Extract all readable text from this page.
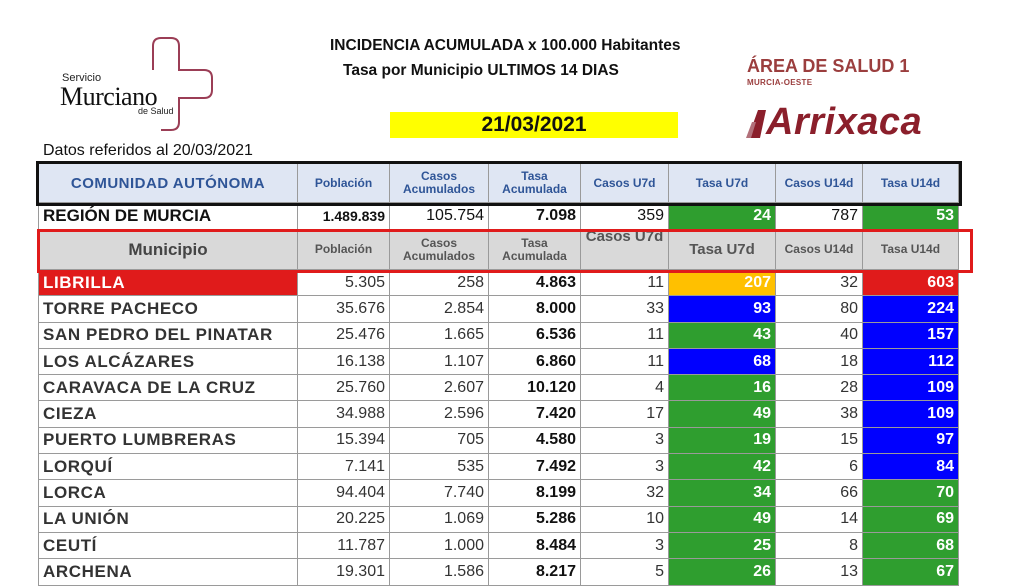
Servicio
Murciano
de Salud
INCIDENCIA ACUMULADA x 100.000 Habitantes
Tasa por Municipio ULTIMOS 14 DIAS
21/03/2021
ÁREA DE SALUD 1
MURCIA-OESTE
Arrixaca
Datos referidos al 20/03/2021
COMUNIDAD AUTÓNOMA	Población	Casos Acumulados	Tasa Acumulada	Casos U7d	Tasa U7d	Casos U14d	Tasa U14d
REGIÓN DE MURCIA	1.489.839	105.754	7.098	359	24	787	53
Municipio	Población	Casos Acumulados	Tasa Acumulada	Casos U7d	Tasa U7d	Casos U14d	Tasa U14d
LIBRILLA	5.305	258	4.863	11	207	32	603
TORRE PACHECO	35.676	2.854	8.000	33	93	80	224
SAN PEDRO DEL PINATAR	25.476	1.665	6.536	11	43	40	157
LOS ALCÁZARES	16.138	1.107	6.860	11	68	18	112
CARAVACA DE LA CRUZ	25.760	2.607	10.120	4	16	28	109
CIEZA	34.988	2.596	7.420	17	49	38	109
PUERTO LUMBRERAS	15.394	705	4.580	3	19	15	97
LORQUÍ	7.141	535	7.492	3	42	6	84
LORCA	94.404	7.740	8.199	32	34	66	70
LA UNIÓN	20.225	1.069	5.286	10	49	14	69
CEUTÍ	11.787	1.000	8.484	3	25	8	68
ARCHENA	19.301	1.586	8.217	5	26	13	67
